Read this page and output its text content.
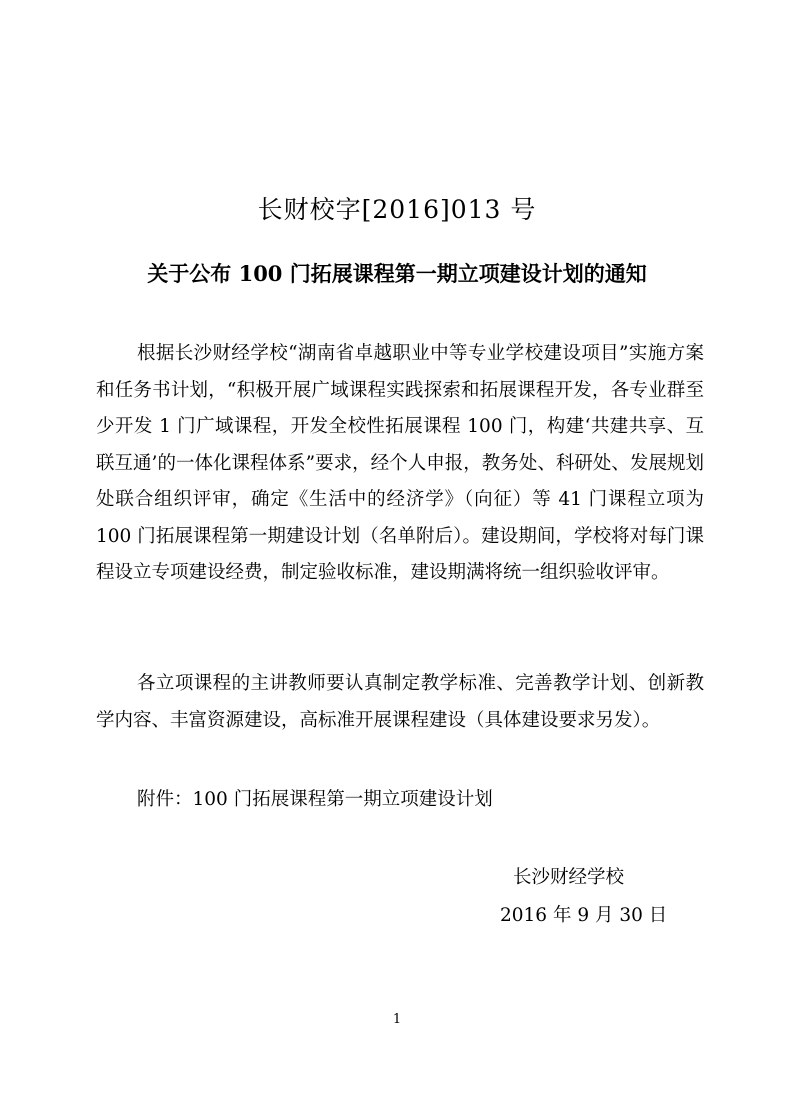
长财校字[2016]013 号
关于公布 100 门拓展课程第一期立项建设计划的通知

根据长沙财经学校“湖南省卓越职业中等专业学校建设项目”实施方案和任务书计划，“积极开展广域课程实践探索和拓展课程开发，各专业群至少开发 1 门广域课程，开发全校性拓展课程 100 门，构建‘共建共享、互联互通’的一体化课程体系”要求，经个人申报，教务处、科研处、发展规划处联合组织评审，确定《生活中的经济学》（向征）等 41 门课程立项为 100 门拓展课程第一期建设计划（名单附后）。建设期间，学校将对每门课程设立专项建设经费，制定验收标准，建设期满将统一组织验收评审。

各立项课程的主讲教师要认真制定教学标准、完善教学计划、创新教学内容、丰富资源建设，高标准开展课程建设（具体建设要求另发）。

附件：100 门拓展课程第一期立项建设计划
长沙财经学校
2016 年 9 月 30 日
1
